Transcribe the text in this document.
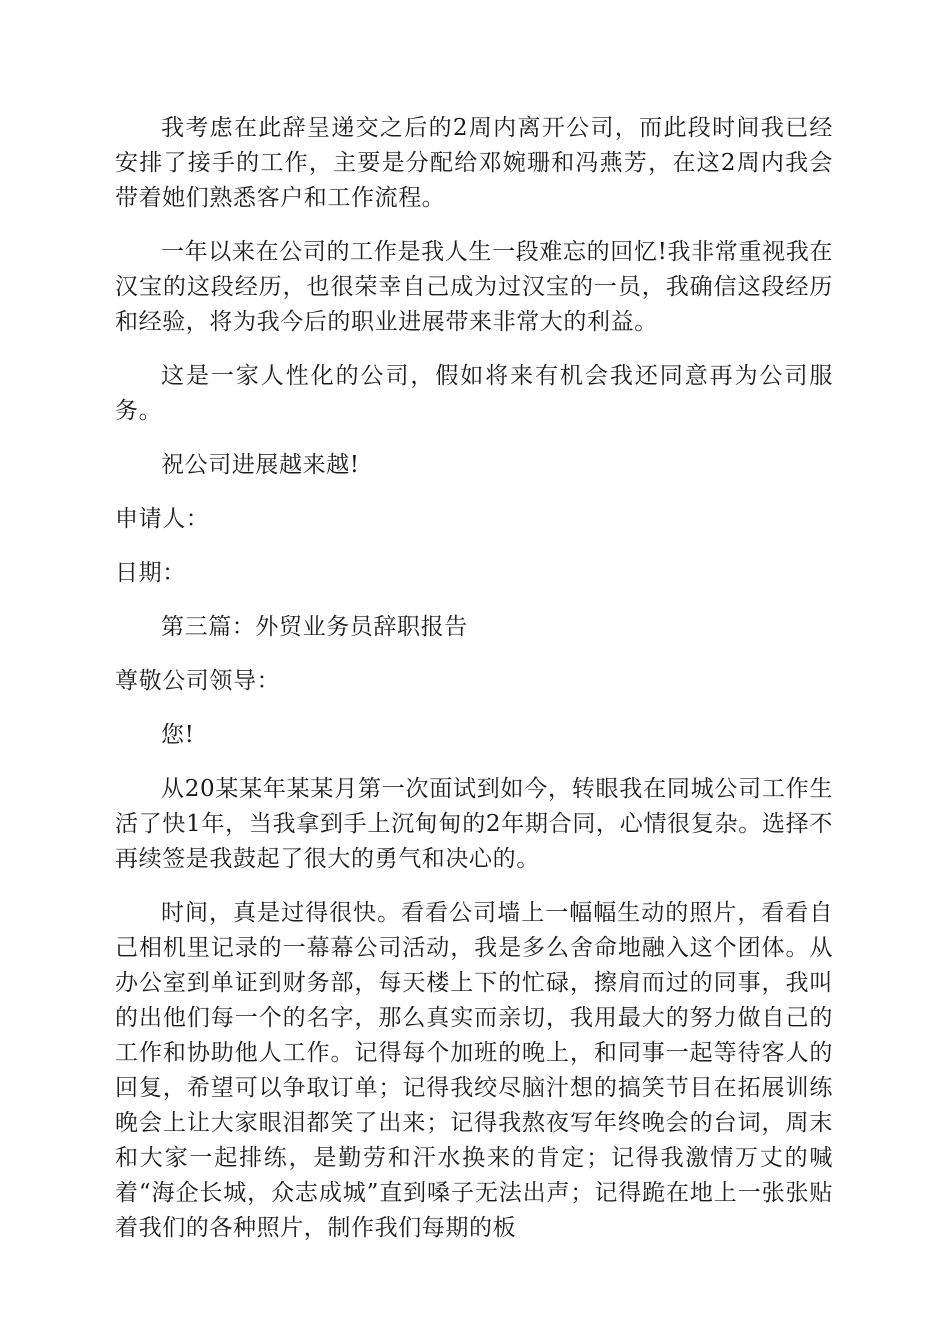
我考虑在此辞呈递交之后的2周内离开公司，而此段时间我已经安排了接手的工作，主要是分配给邓婉珊和冯燕芳，在这2周内我会带着她们熟悉客户和工作流程。

一年以来在公司的工作是我人生一段难忘的回忆!我非常重视我在汉宝的这段经历，也很荣幸自己成为过汉宝的一员，我确信这段经历和经验，将为我今后的职业进展带来非常大的利益。

这是一家人性化的公司，假如将来有机会我还同意再为公司服务。

祝公司进展越来越!

申请人：

日期：

第三篇：外贸业务员辞职报告

尊敬公司领导：

您!

从20某某年某某月第一次面试到如今，转眼我在同城公司工作生活了快1年，当我拿到手上沉甸甸的2年期合同，心情很复杂。选择不再续签是我鼓起了很大的勇气和决心的。

时间，真是过得很快。看看公司墙上一幅幅生动的照片，看看自己相机里记录的一幕幕公司活动，我是多么舍命地融入这个团体。从办公室到单证到财务部，每天楼上下的忙碌，擦肩而过的同事，我叫的出他们每一个的名字，那么真实而亲切，我用最大的努力做自己的工作和协助他人工作。记得每个加班的晚上，和同事一起等待客人的回复，希望可以争取订单；记得我绞尽脑汁想的搞笑节目在拓展训练晚会上让大家眼泪都笑了出来；记得我熬夜写年终晚会的台词，周末和大家一起排练，是勤劳和汗水换来的肯定；记得我激情万丈的喊着“海企长城，众志成城”直到嗓子无法出声；记得跪在地上一张张贴着我们的各种照片，制作我们每期的板
